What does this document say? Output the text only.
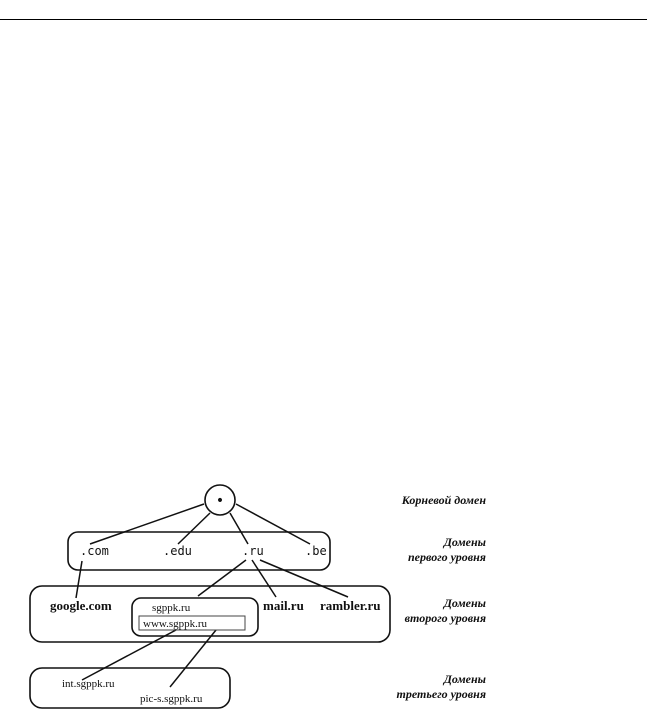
•
.com	.edu	.ru	.be
google.com	sgppk.ru
www.sgppk.ru
mail.ru rambler.ru
int.sgppk.ru
pic-s.sgppk.ru
Корневой домен
Домены
первого уровня
Домены
второго уровня
Домены
третьего уровня
